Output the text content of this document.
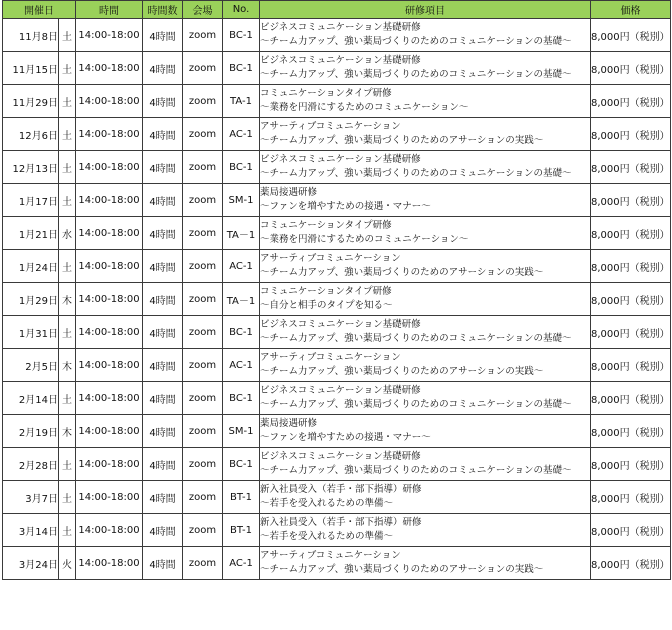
開催日		時間	時間数	会場	No.	研修項目	価格
11月8日	土	14:00-18:00	4時間	zoom	BC-1	ビジネスコミュニケーション基礎研修
～チーム力アップ、強い薬局づくりのためのコミュニケーションの基礎～	8,000円（税別）
11月15日	土	14:00-18:00	4時間	zoom	BC-1	ビジネスコミュニケーション基礎研修
～チーム力アップ、強い薬局づくりのためのコミュニケーションの基礎～	8,000円（税別）
11月29日	土	14:00-18:00	4時間	zoom	TA-1	コミュニケーションタイプ研修
～業務を円滑にするためのコミュニケーション～	8,000円（税別）
12月6日	土	14:00-18:00	4時間	zoom	AC-1	アサーティブコミュニケーション
～チーム力アップ、強い薬局づくりのためのアサーションの実践～	8,000円（税別）
12月13日	土	14:00-18:00	4時間	zoom	BC-1	ビジネスコミュニケーション基礎研修
～チーム力アップ、強い薬局づくりのためのコミュニケーションの基礎～	8,000円（税別）
1月17日	土	14:00-18:00	4時間	zoom	SM-1	薬局接遇研修
～ファンを増やすための接遇・マナー～	8,000円（税別）
1月21日	水	14:00-18:00	4時間	zoom	TA－1	コミュニケーションタイプ研修
～業務を円滑にするためのコミュニケーション～	8,000円（税別）
1月24日	土	14:00-18:00	4時間	zoom	AC-1	アサーティブコミュニケーション
～チーム力アップ、強い薬局づくりのためのアサーションの実践～	8,000円（税別）
1月29日	木	14:00-18:00	4時間	zoom	TA－1	コミュニケーションタイプ研修
～自分と相手のタイプを知る～	8,000円（税別）
1月31日	土	14:00-18:00	4時間	zoom	BC-1	ビジネスコミュニケーション基礎研修
～チーム力アップ、強い薬局づくりのためのコミュニケーションの基礎～	8,000円（税別）
2月5日	木	14:00-18:00	4時間	zoom	AC-1	アサーティブコミュニケーション
～チーム力アップ、強い薬局づくりのためのアサーションの実践～	8,000円（税別）
2月14日	土	14:00-18:00	4時間	zoom	BC-1	ビジネスコミュニケーション基礎研修
～チーム力アップ、強い薬局づくりのためのコミュニケーションの基礎～	8,000円（税別）
2月19日	木	14:00-18:00	4時間	zoom	SM-1	薬局接遇研修
～ファンを増やすための接遇・マナー～	8,000円（税別）
2月28日	土	14:00-18:00	4時間	zoom	BC-1	ビジネスコミュニケーション基礎研修
～チーム力アップ、強い薬局づくりのためのコミュニケーションの基礎～	8,000円（税別）
3月7日	土	14:00-18:00	4時間	zoom	BT-1	新入社員受入（若手・部下指導）研修
～若手を受入れるための準備～	8,000円（税別）
3月14日	土	14:00-18:00	4時間	zoom	BT-1	新入社員受入（若手・部下指導）研修
～若手を受入れるための準備～	8,000円（税別）
3月24日	火	14:00-18:00	4時間	zoom	AC-1	アサーティブコミュニケーション
～チーム力アップ、強い薬局づくりのためのアサーションの実践～	8,000円（税別）
